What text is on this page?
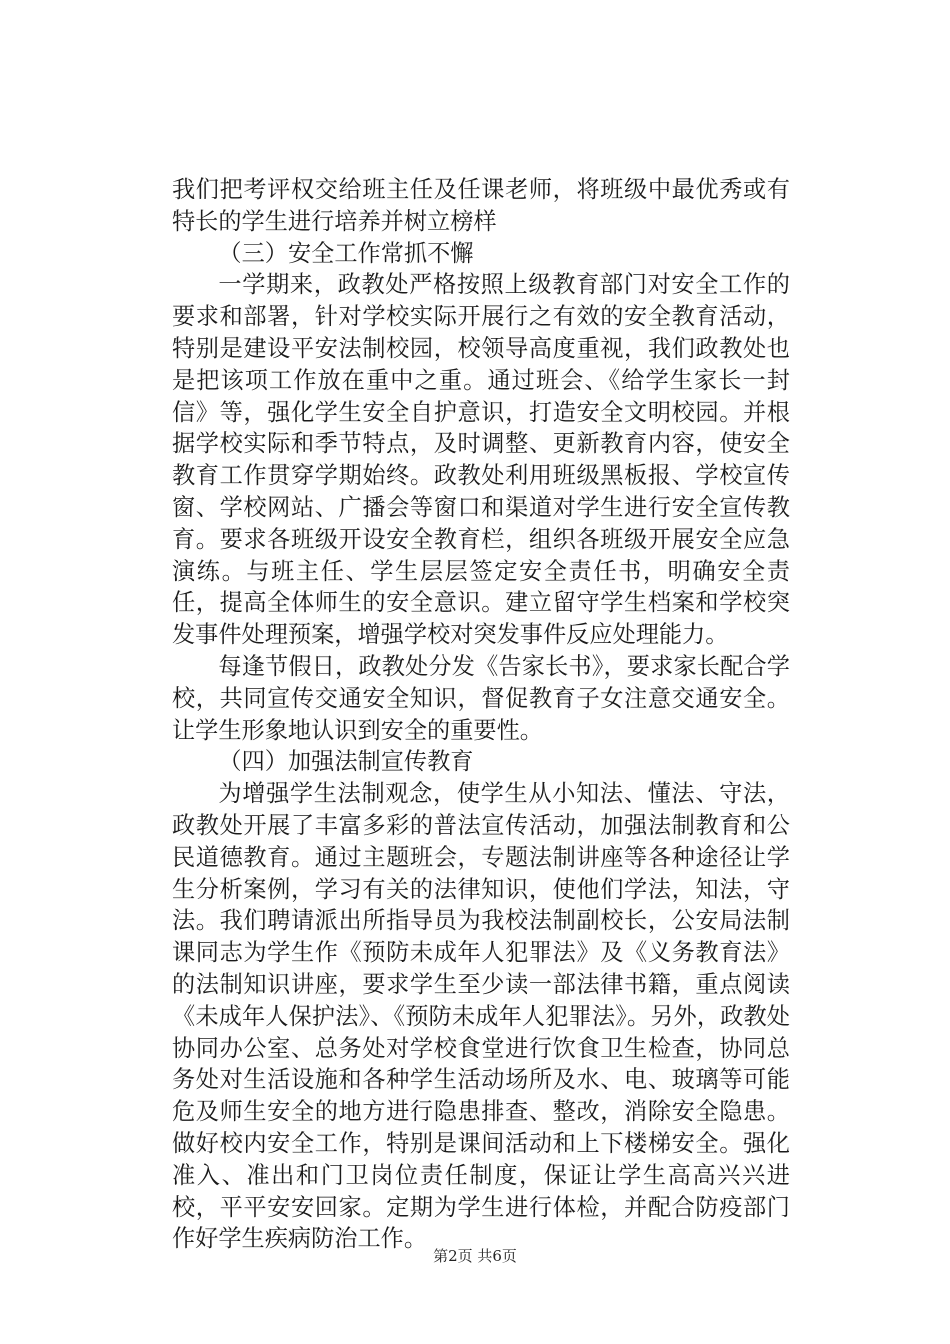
我们把考评权交给班主任及任课老师，将班级中最优秀或有特长的学生进行培养并树立榜样

（三）安全工作常抓不懈

一学期来，政教处严格按照上级教育部门对安全工作的要求和部署，针对学校实际开展行之有效的安全教育活动，特别是建设平安法制校园，校领导高度重视，我们政教处也是把该项工作放在重中之重。通过班会、《给学生家长一封信》等，强化学生安全自护意识，打造安全文明校园。并根据学校实际和季节特点，及时调整、更新教育内容，使安全教育工作贯穿学期始终。政教处利用班级黑板报、学校宣传窗、学校网站、广播会等窗口和渠道对学生进行安全宣传教育。要求各班级开设安全教育栏，组织各班级开展安全应急演练。与班主任、学生层层签定安全责任书，明确安全责任，提高全体师生的安全意识。建立留守学生档案和学校突发事件处理预案，增强学校对突发事件反应处理能力。

每逢节假日，政教处分发《告家长书》，要求家长配合学校，共同宣传交通安全知识，督促教育子女注意交通安全。让学生形象地认识到安全的重要性。

（四）加强法制宣传教育

为增强学生法制观念，使学生从小知法、懂法、守法，政教处开展了丰富多彩的普法宣传活动，加强法制教育和公民道德教育。通过主题班会，专题法制讲座等各种途径让学生分析案例，学习有关的法律知识，使他们学法，知法，守法。我们聘请派出所指导员为我校法制副校长，公安局法制课同志为学生作《预防未成年人犯罪法》及《义务教育法》的法制知识讲座，要求学生至少读一部法律书籍，重点阅读《未成年人保护法》、《预防未成年人犯罪法》。另外，政教处协同办公室、总务处对学校食堂进行饮食卫生检查，协同总务处对生活设施和各种学生活动场所及水、电、玻璃等可能危及师生安全的地方进行隐患排查、整改，消除安全隐患。做好校内安全工作，特别是课间活动和上下楼梯安全。强化准入、准出和门卫岗位责任制度，保证让学生高高兴兴进校，平平安安回家。定期为学生进行体检，并配合防疫部门作好学生疾病防治工作。

第2页 共6页
